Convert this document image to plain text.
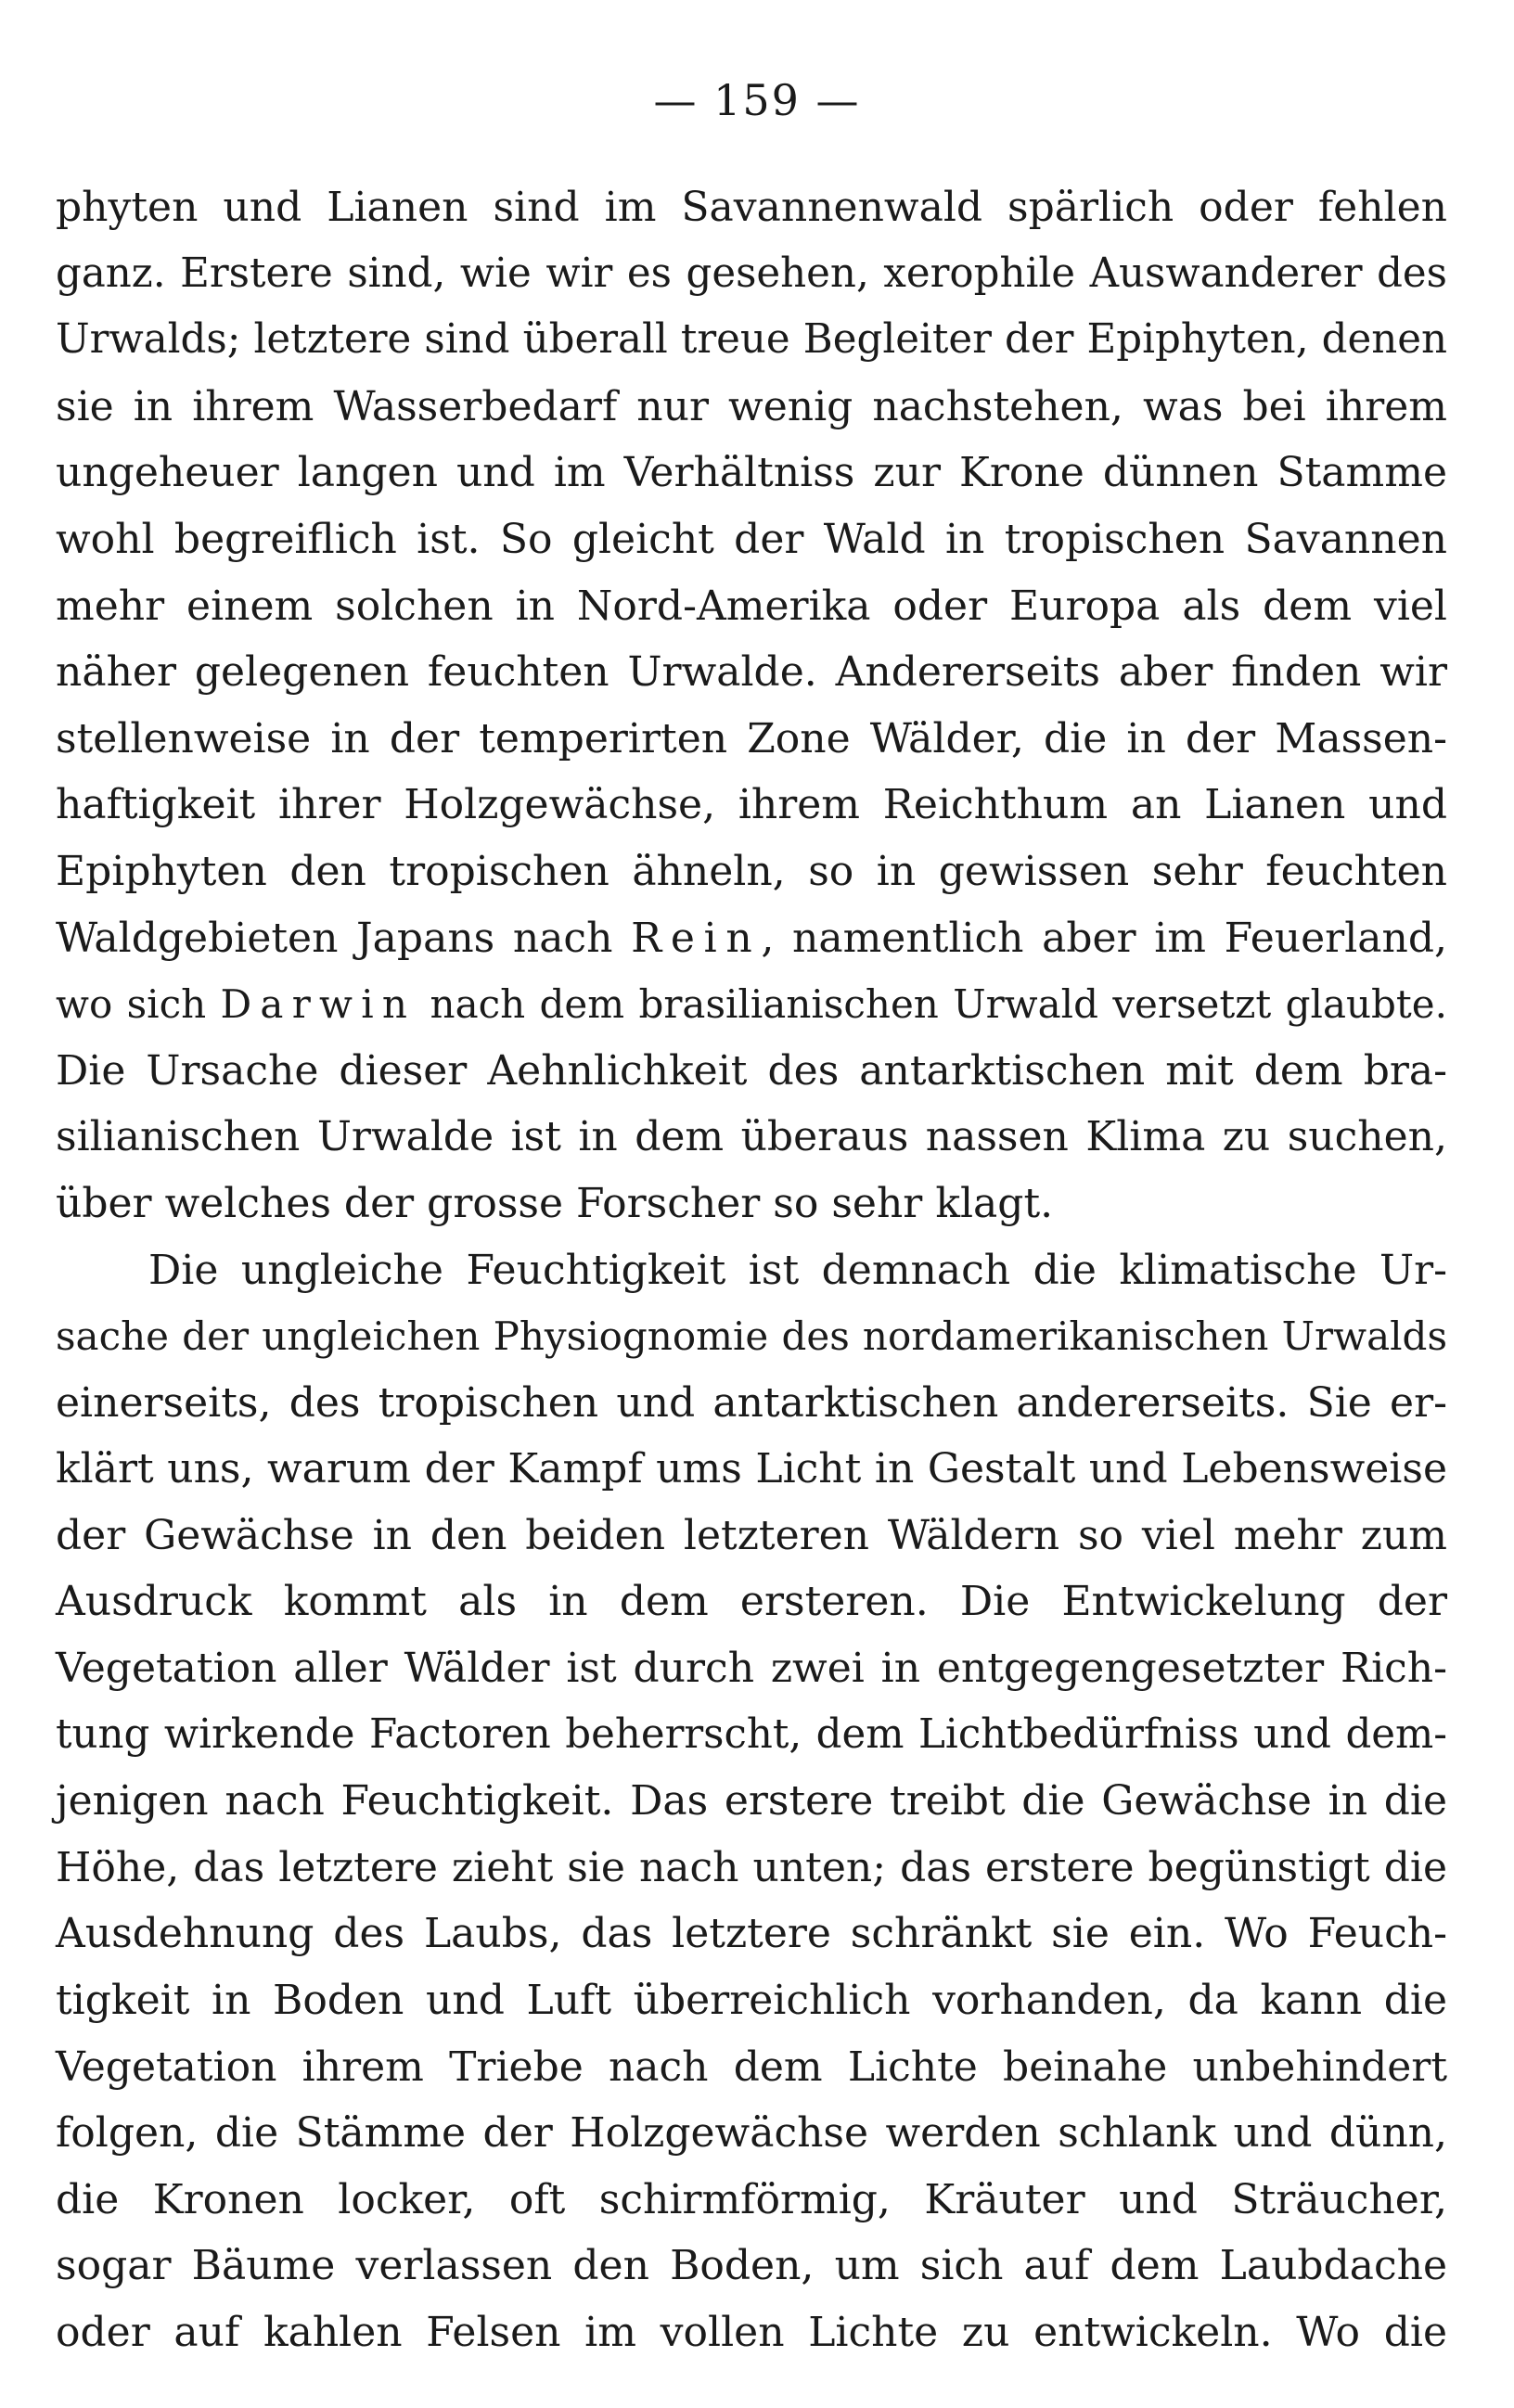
— 159 —
phyten und Lianen sind im Savannenwald spärlich oder fehlen
ganz. Erstere sind, wie wir es gesehen, xerophile Auswanderer des
Urwalds; letztere sind überall treue Begleiter der Epiphyten, denen
sie in ihrem Wasserbedarf nur wenig nachstehen, was bei ihrem
ungeheuer langen und im Verhältniss zur Krone dünnen Stamme
wohl begreiflich ist. So gleicht der Wald in tropischen Savannen
mehr einem solchen in Nord-Amerika oder Europa als dem viel
näher gelegenen feuchten Urwalde. Andererseits aber finden wir
stellenweise in der temperirten Zone Wälder, die in der Massen-
haftigkeit ihrer Holzgewächse, ihrem Reichthum an Lianen und
Epiphyten den tropischen ähneln, so in gewissen sehr feuchten
Waldgebieten Japans nach Rein, namentlich aber im Feuerland,
wo sich Darwin nach dem brasilianischen Urwald versetzt glaubte.
Die Ursache dieser Aehnlichkeit des antarktischen mit dem bra-
silianischen Urwalde ist in dem überaus nassen Klima zu suchen,
über welches der grosse Forscher so sehr klagt.
Die ungleiche Feuchtigkeit ist demnach die klimatische Ur-
sache der ungleichen Physiognomie des nordamerikanischen Urwalds
einerseits, des tropischen und antarktischen andererseits. Sie er-
klärt uns, warum der Kampf ums Licht in Gestalt und Lebensweise
der Gewächse in den beiden letzteren Wäldern so viel mehr zum
Ausdruck kommt als in dem ersteren. Die Entwickelung der
Vegetation aller Wälder ist durch zwei in entgegengesetzter Rich-
tung wirkende Factoren beherrscht, dem Lichtbedürfniss und dem-
jenigen nach Feuchtigkeit. Das erstere treibt die Gewächse in die
Höhe, das letztere zieht sie nach unten; das erstere begünstigt die
Ausdehnung des Laubs, das letztere schränkt sie ein. Wo Feuch-
tigkeit in Boden und Luft überreichlich vorhanden, da kann die
Vegetation ihrem Triebe nach dem Lichte beinahe unbehindert
folgen, die Stämme der Holzgewächse werden schlank und dünn,
die Kronen locker, oft schirmförmig, Kräuter und Sträucher,
sogar Bäume verlassen den Boden, um sich auf dem Laubdache
oder auf kahlen Felsen im vollen Lichte zu entwickeln. Wo die
